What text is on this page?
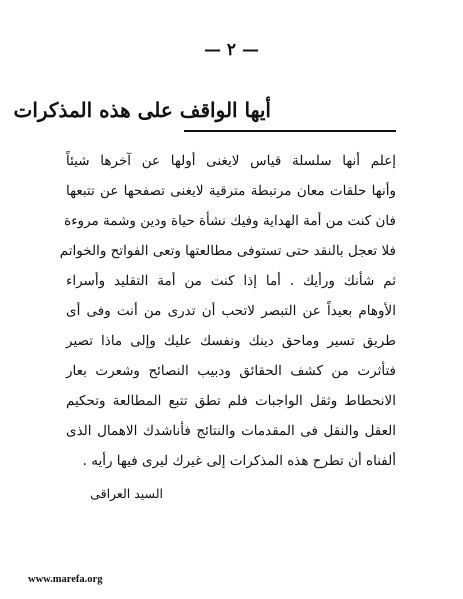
— ٢ —
أيها الواقف على هذه المذكرات
إعلم أنها سلسلة قياس لايغنى أولها عن آخرها شيئاً
وأنها حلقات معان مرتبطة مترقية لايغنى تصفحها عن تتبعها
فان كنت من أمة الهداية وفيك نشأة حياة ودين وشمة مروءة
فلا تعجل بالنقد حتى تستوفى مطالعتها وتعى الفواتح والخواتم
ثم شأنك ورأيك . أما إذا كنت من أمة التقليد وأسراء
الأوهام بعيداً عن التبصر لاتحب أن تدرى من أنت وفى أى
طريق تسير وماحق دينك ونفسك عليك وإلى ماذا تصير
فتأثرت من كشف الحقائق ودبيب النصائح وشعرت بعار
الانحطاط وثقل الواجبات فلم تطق تتبع المطالعة وتحكيم
العقل والنقل فى المقدمات والنتائج فأناشدك الاهمال الذى
ألفناه أن تطرح هذه المذكرات إلى غيرك ليرى فيها رأيه .
السيد العراقى
www.marefa.org
